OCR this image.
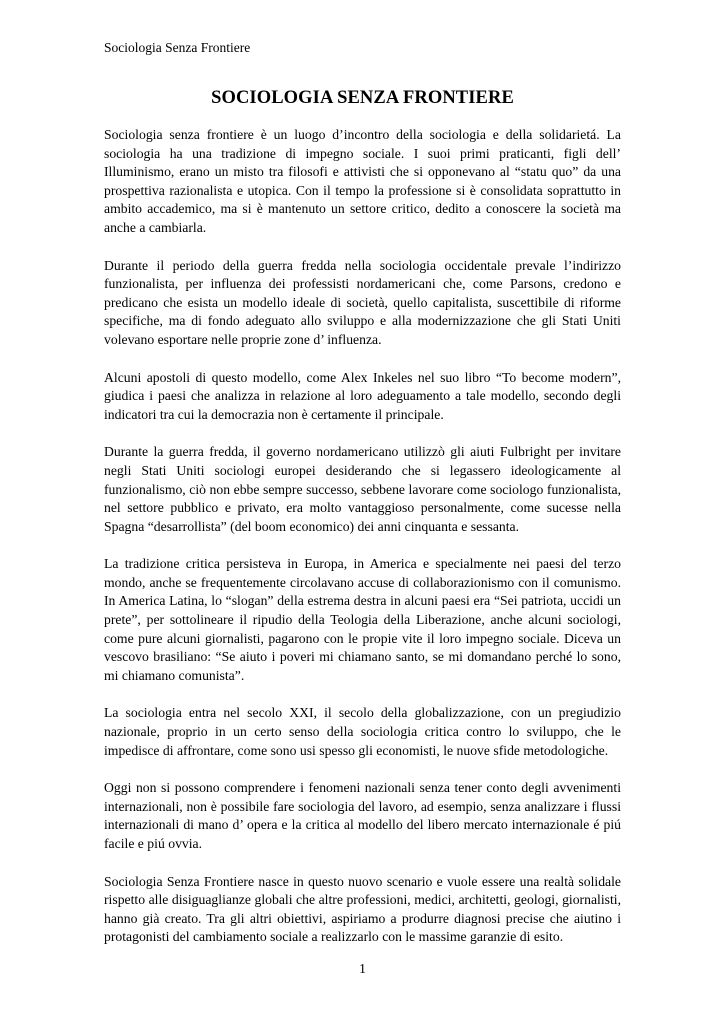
Sociologia Senza Frontiere
SOCIOLOGIA SENZA FRONTIERE

Sociologia senza frontiere è un luogo d’incontro della sociologia e della solidarietá. La sociologia ha una tradizione di impegno sociale. I suoi primi praticanti, figli dell’ Illuminismo, erano un misto tra filosofi e attivisti che si opponevano al “statu quo” da una prospettiva razionalista e utopica. Con il tempo la professione si è consolidata soprattutto in ambito accademico, ma si è mantenuto un settore critico, dedito a conoscere la società ma anche a cambiarla.

Durante il periodo della guerra fredda nella sociologia occidentale prevale l’indirizzo funzionalista, per influenza dei professisti nordamericani che, come Parsons, credono e predicano che esista un modello ideale di società, quello capitalista, suscettibile di riforme specifiche, ma di fondo adeguato allo sviluppo e alla modernizzazione che gli Stati Uniti volevano esportare nelle proprie zone d’ influenza.

Alcuni apostoli di questo modello, come Alex Inkeles nel suo libro “To become modern”, giudica i paesi che analizza in relazione al loro adeguamento a tale modello, secondo degli indicatori tra cui la democrazia non è certamente il principale.

Durante la guerra fredda, il governo nordamericano utilizzò gli aiuti Fulbright per invitare negli Stati Uniti sociologi europei desiderando che si legassero ideologicamente al funzionalismo, ciò non ebbe sempre successo, sebbene lavorare come sociologo funzionalista, nel settore pubblico e privato, era molto vantaggioso personalmente, come sucesse nella Spagna “desarrollista” (del boom economico) dei anni cinquanta e sessanta.

La tradizione critica persisteva in Europa, in America e specialmente nei paesi del terzo mondo, anche se frequentemente circolavano accuse di collaborazionismo con il comunismo. In America Latina, lo “slogan” della estrema destra in alcuni paesi era “Sei patriota, uccidi un prete”, per sottolineare il ripudio della Teologia della Liberazione, anche alcuni sociologi, come pure alcuni giornalisti, pagarono con le propie vite il loro impegno sociale. Diceva un vescovo brasiliano: “Se aiuto i poveri mi chiamano santo, se mi domandano perché lo sono, mi chiamano comunista”.

La sociologia entra nel secolo XXI, il secolo della globalizzazione, con un pregiudizio nazionale, proprio in un certo senso della sociologia critica contro lo sviluppo, che le impedisce di affrontare, come sono usi spesso gli economisti, le nuove sfide metodologiche.

Oggi non si possono comprendere i fenomeni nazionali senza tener conto degli avvenimenti internazionali, non è possibile fare sociologia del lavoro, ad esempio, senza analizzare i flussi internazionali di mano d’ opera e la critica al modello del libero mercato internazionale é piú facile e piú ovvia.

Sociologia Senza Frontiere nasce in questo nuovo scenario e vuole essere una realtà solidale rispetto alle disiguaglianze globali che altre professioni, medici, architetti, geologi, giornalisti, hanno già creato. Tra gli altri obiettivi, aspiriamo a produrre diagnosi precise che aiutino i protagonisti del cambiamento sociale a realizzarlo con le massime garanzie di esito.

1
